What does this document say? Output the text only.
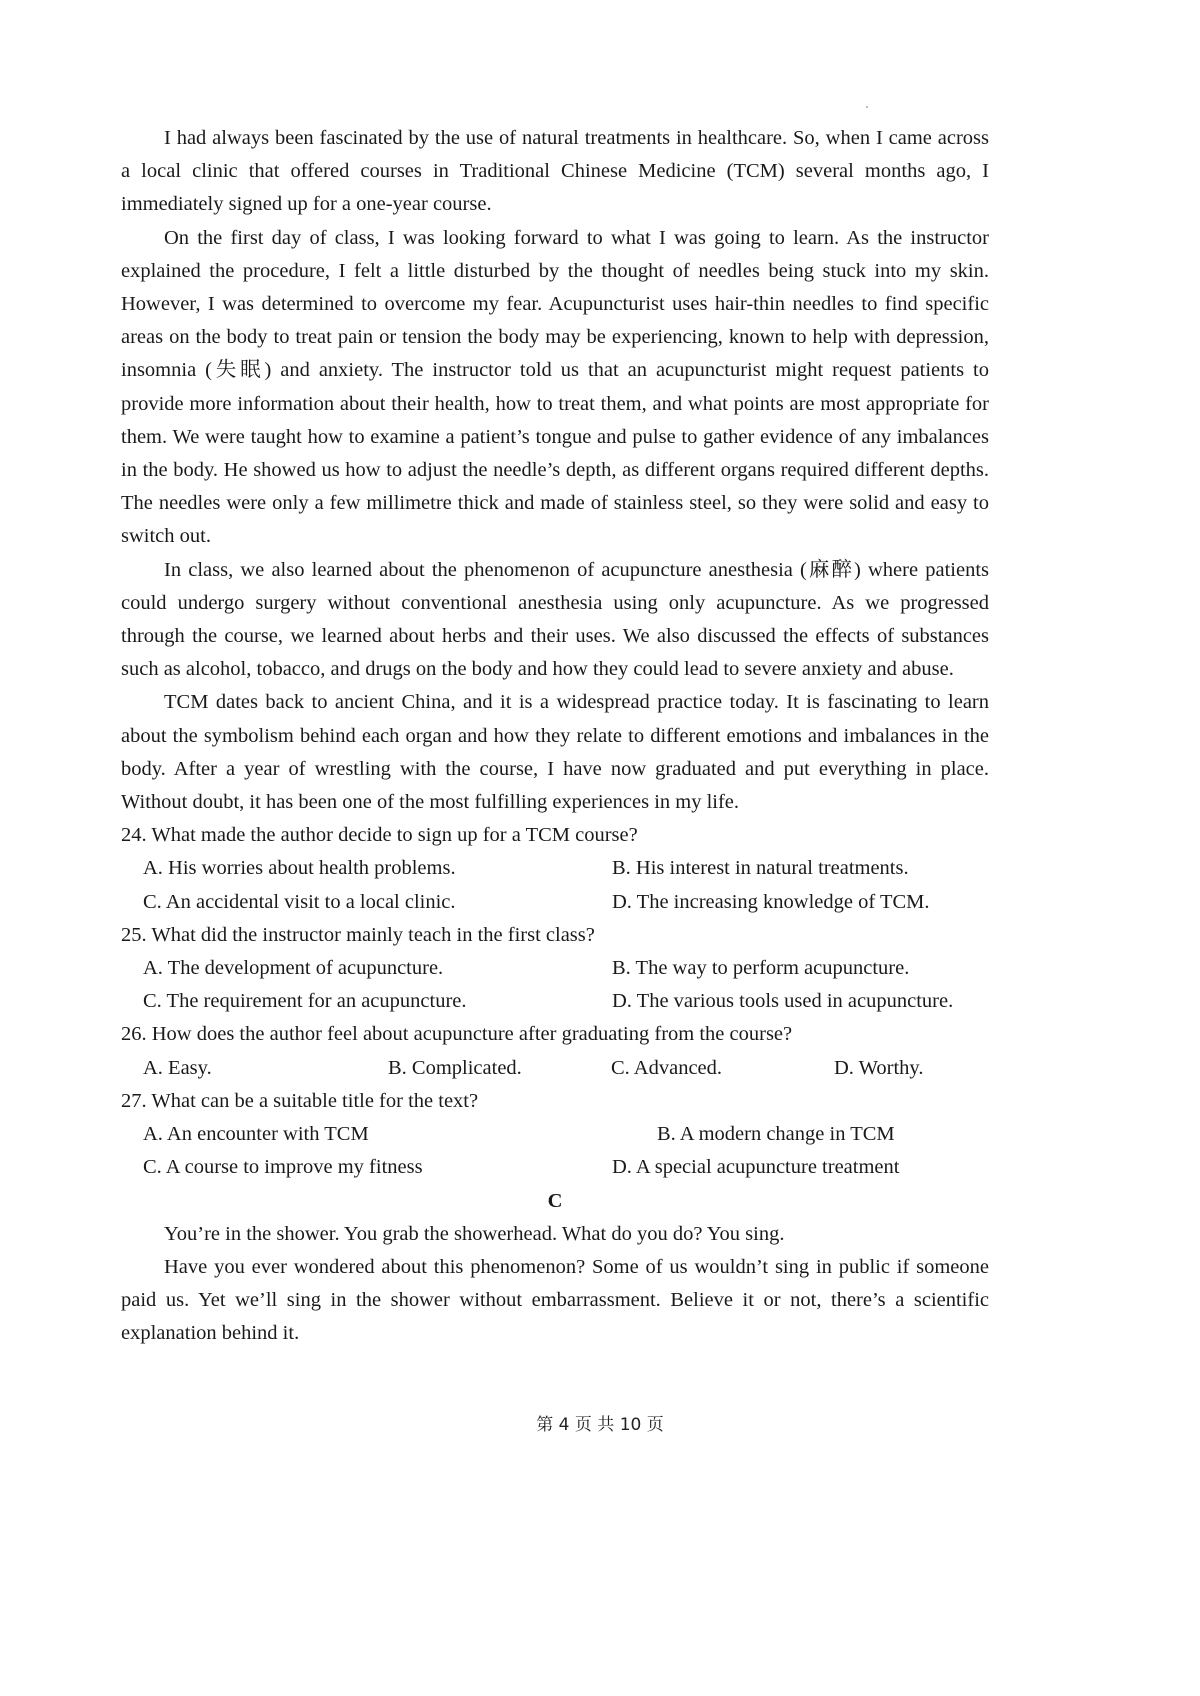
I had always been fascinated by the use of natural treatments in healthcare. So, when I came across a local clinic that offered courses in Traditional Chinese Medicine (TCM) several months ago, I immediately signed up for a one-year course.

On the first day of class, I was looking forward to what I was going to learn. As the instructor explained the procedure, I felt a little disturbed by the thought of needles being stuck into my skin. However, I was determined to overcome my fear. Acupuncturist uses hair-thin needles to find specific areas on the body to treat pain or tension the body may be experiencing, known to help with depression, insomnia (失眠) and anxiety. The instructor told us that an acupuncturist might request patients to provide more information about their health, how to treat them, and what points are most appropriate for them. We were taught how to examine a patient’s tongue and pulse to gather evidence of any imbalances in the body. He showed us how to adjust the needle’s depth, as different organs required different depths. The needles were only a few millimetre thick and made of stainless steel, so they were solid and easy to switch out.

In class, we also learned about the phenomenon of acupuncture anesthesia (麻醉) where patients could undergo surgery without conventional anesthesia using only acupuncture. As we progressed through the course, we learned about herbs and their uses. We also discussed the effects of substances such as alcohol, tobacco, and drugs on the body and how they could lead to severe anxiety and abuse.

TCM dates back to ancient China, and it is a widespread practice today. It is fascinating to learn about the symbolism behind each organ and how they relate to different emotions and imbalances in the body. After a year of wrestling with the course, I have now graduated and put everything in place. Without doubt, it has been one of the most fulfilling experiences in my life.

24. What made the author decide to sign up for a TCM course?

A. His worries about health problems.	B. His interest in natural treatments.
C. An accidental visit to a local clinic.	D. The increasing knowledge of TCM.

25. What did the instructor mainly teach in the first class?

A. The development of acupuncture.	B. The way to perform acupuncture.
C. The requirement for an acupuncture.	D. The various tools used in acupuncture.

26. How does the author feel about acupuncture after graduating from the course?

A. Easy.	B. Complicated.	C. Advanced.	D. Worthy.

27. What can be a suitable title for the text?

A. An encounter with TCM	B. A modern change in TCM
C. A course to improve my fitness	D. A special acupuncture treatment

C

You’re in the shower. You grab the showerhead. What do you do? You sing.

Have you ever wondered about this phenomenon? Some of us wouldn’t sing in public if someone paid us. Yet we’ll sing in the shower without embarrassment. Believe it or not, there’s a scientific explanation behind it.

第 4 页 共 10 页
